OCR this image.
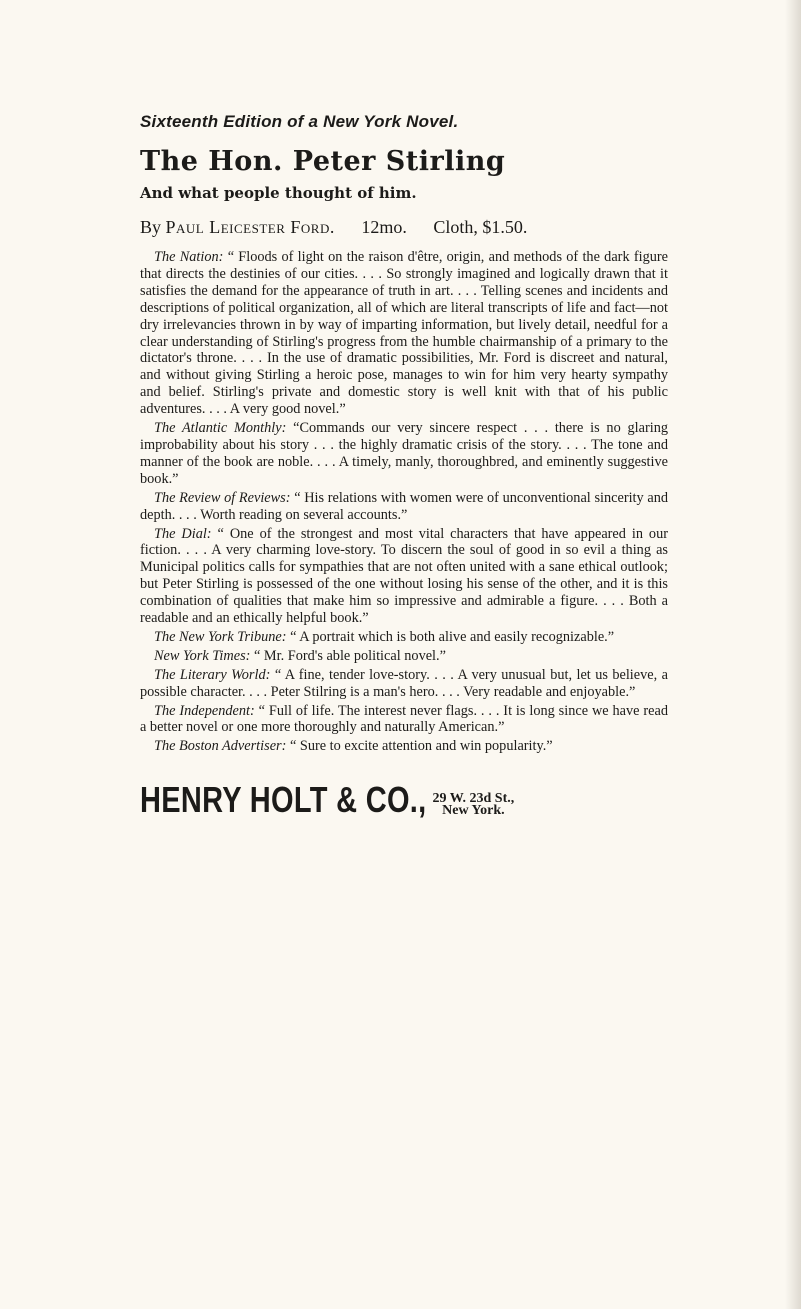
Sixteenth Edition of a New York Novel.

The Hon. Peter Stirling

And what people thought of him.

By Paul Leicester Ford. 12mo. Cloth, $1.50.

The Nation: “ Floods of light on the raison d'être, origin, and methods of the dark figure that directs the destinies of our cities. . . . So strongly imagined and logically drawn that it satisfies the demand for the appearance of truth in art. . . . Telling scenes and incidents and descriptions of political organization, all of which are literal transcripts of life and fact—not dry irrelevancies thrown in by way of imparting information, but lively detail, needful for a clear understanding of Stirling's progress from the humble chairmanship of a primary to the dictator's throne. . . . In the use of dramatic possibilities, Mr. Ford is discreet and natural, and without giving Stirling a heroic pose, manages to win for him very hearty sympathy and belief. Stirling's private and domestic story is well knit with that of his public adventures. . . . A very good novel.”

The Atlantic Monthly: “Commands our very sincere respect . . . there is no glaring improbability about his story . . . the highly dramatic crisis of the story. . . . The tone and manner of the book are noble. . . . A timely, manly, thoroughbred, and eminently suggestive book.”

The Review of Reviews: “ His relations with women were of unconventional sincerity and depth. . . . Worth reading on several accounts.”

The Dial: “ One of the strongest and most vital characters that have appeared in our fiction. . . . A very charming love-story. To discern the soul of good in so evil a thing as Municipal politics calls for sympathies that are not often united with a sane ethical outlook; but Peter Stirling is possessed of the one without losing his sense of the other, and it is this combination of qualities that make him so impressive and admirable a figure. . . . Both a readable and an ethically helpful book.”

The New York Tribune: “ A portrait which is both alive and easily recognizable.”

New York Times: “ Mr. Ford's able political novel.”

The Literary World: “ A fine, tender love-story. . . . A very unusual but, let us believe, a possible character. . . . Peter Stilring is a man's hero. . . . Very readable and enjoyable.”

The Independent: “ Full of life. The interest never flags. . . . It is long since we have read a better novel or one more thoroughly and naturally American.”

The Boston Advertiser: “ Sure to excite attention and win popularity.”

HENRY HOLT & CO., 29 W. 23d St.,
New York.
